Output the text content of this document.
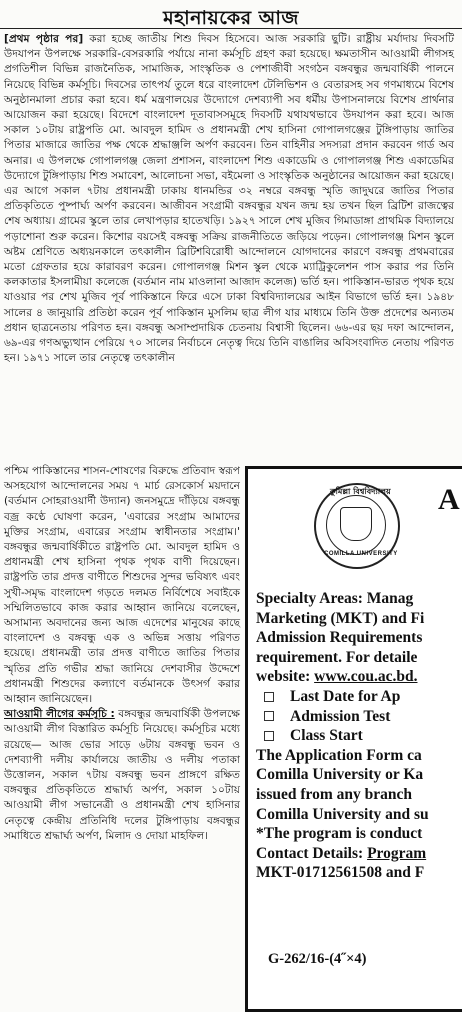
মহানায়কের আজ

[প্রথম পৃষ্ঠার পর] করা হচ্ছে জাতীয় শিশু দিবস হিসেবে। আজ সরকারি ছুটি। রাষ্ট্রীয় মর্যাদায় দিবসটি উদযাপন উপলক্ষে সরকারি-বেসরকারি পর্যায়ে নানা কর্মসূচি গ্রহণ করা হয়েছে। ক্ষমতাসীন আওয়ামী লীগসহ প্রগতিশীল বিভিন্ন রাজনৈতিক, সামাজিক, সাংস্কৃতিক ও পেশাজীবী সংগঠন বঙ্গবন্ধুর জন্মবার্ষিকী পালনে নিয়েছে বিভিন্ন কর্মসূচি। দিবসের তাৎপর্য তুলে ধরে বাংলাদেশ টেলিভিশন ও বেতারসহ সব গণমাধ্যমে বিশেষ অনুষ্ঠানমালা প্রচার করা হবে। ধর্ম মন্ত্রণালয়ের উদ্যোগে দেশব্যাপী সব ধর্মীয় উপাসনালয়ে বিশেষ প্রার্থনার আয়োজন করা হয়েছে। বিদেশে বাংলাদেশ দূতাবাসসমূহে দিবসটি যথাযথভাবে উদযাপন করা হবে। আজ সকাল ১০টায় রাষ্ট্রপতি মো. আবদুল হামিদ ও প্রধানমন্ত্রী শেখ হাসিনা গোপালগঞ্জের টুঙ্গিপাড়ায় জাতির পিতার মাজারে জাতির পক্ষ থেকে শ্রদ্ধাঞ্জলি অর্পণ করবেন। তিন বাহিনীর সদস্যরা প্রদান করবেন গার্ড অব অনার। এ উপলক্ষে গোপালগঞ্জ জেলা প্রশাসন, বাংলাদেশ শিশু একাডেমি ও গোপালগঞ্জ শিশু একাডেমির উদ্যোগে টুঙ্গিপাড়ায় শিশু সমাবেশ, আলোচনা সভা, বইমেলা ও সাংস্কৃতিক অনুষ্ঠানের আয়োজন করা হয়েছে। এর আগে সকাল ৭টায় প্রধানমন্ত্রী ঢাকায় ধানমন্ডির ৩২ নম্বরে বঙ্গবন্ধু স্মৃতি জাদুঘরে জাতির পিতার প্রতিকৃতিতে পুষ্পার্ঘ্য অর্পণ করবেন। আজীবন সংগ্রামী বঙ্গবন্ধুর যখন জন্ম হয় তখন ছিল ব্রিটিশ রাজত্বের শেষ অধ্যায়। গ্রামের স্কুলে তার লেখাপড়ার হাতেখড়ি। ১৯২৭ সালে শেখ মুজিব গিমাডাঙ্গা প্রাথমিক বিদ্যালয়ে পড়াশোনা শুরু করেন। কিশোর বয়সেই বঙ্গবন্ধু সক্রিয় রাজনীতিতে জড়িয়ে পড়েন। গোপালগঞ্জ মিশন স্কুলে অষ্টম শ্রেণিতে অধ্যয়নকালে তৎকালীন ব্রিটিশবিরোধী আন্দোলনে যোগদানের কারণে বঙ্গবন্ধু প্রথমবারের মতো গ্রেফতার হয়ে কারাবরণ করেন। গোপালগঞ্জ মিশন স্কুল থেকে ম্যাট্রিকুলেশন পাস করার পর তিনি কলকাতার ইসলামীয়া কলেজে (বর্তমান নাম মাওলানা আজাদ কলেজ) ভর্তি হন। পাকিস্তান-ভারত পৃথক হয়ে যাওয়ার পর শেখ মুজিব পূর্ব পাকিস্তানে ফিরে এসে ঢাকা বিশ্ববিদ্যালয়ের আইন বিভাগে ভর্তি হন। ১৯৪৮ সালের ৪ জানুয়ারি প্রতিষ্ঠা করেন পূর্ব পাকিস্তান মুসলিম ছাত্র লীগ যার মাধ্যমে তিনি উক্ত প্রদেশের অন্যতম প্রধান ছাত্রনেতায় পরিণত হন। বঙ্গবন্ধু অসাম্প্রদায়িক চেতনায় বিশ্বাসী ছিলেন। ৬৬-এর ছয় দফা আন্দোলন, ৬৯-এর গণঅভ্যুত্থান পেরিয়ে ৭০ সালের নির্বাচনে নেতৃত্ব দিয়ে তিনি বাঙালির অবিসংবাদিত নেতায় পরিণত হন। ১৯৭১ সালে তার নেতৃত্বে তৎকালীন

পশ্চিম পাকিস্তানের শাসন-শোষণের বিরুদ্ধে প্রতিবাদ স্বরূপ অসহযোগ আন্দোলনের সময় ৭ মার্চ রেসকোর্স ময়দানে (বর্তমান সোহরাওয়ার্দী উদ্যান) জনসমুদ্রে দাঁড়িয়ে বঙ্গবন্ধু বজ্র কণ্ঠে ঘোষণা করেন, 'এবারের সংগ্রাম আমাদের মুক্তির সংগ্রাম, এবারের সংগ্রাম স্বাধীনতার সংগ্রাম।' বঙ্গবন্ধুর জন্মবার্ষিকীতে রাষ্ট্রপতি মো. আবদুল হামিদ ও প্রধানমন্ত্রী শেখ হাসিনা পৃথক পৃথক বাণী দিয়েছেন। রাষ্ট্রপতি তার প্রদত্ত বাণীতে শিশুদের সুন্দর ভবিষ্যৎ এবং সুখী-সমৃদ্ধ বাংলাদেশ গড়তে দলমত নির্বিশেষে সবাইকে সম্মিলিতভাবে কাজ করার আহ্বান জানিয়ে বলেছেন, অসামান্য অবদানের জন্য আজ এদেশের মানুষের কাছে বাংলাদেশ ও বঙ্গবন্ধু এক ও অভিন্ন সত্তায় পরিণত হয়েছে। প্রধানমন্ত্রী তার প্রদত্ত বাণীতে জাতির পিতার স্মৃতির প্রতি গভীর শ্রদ্ধা জানিয়ে দেশবাসীর উদ্দেশে প্রধানমন্ত্রী শিশুদের কল্যাণে বর্তমানকে উৎসর্গ করার আহ্বান জানিয়েছেন।

আওয়ামী লীগের কর্মসূচি : বঙ্গবন্ধুর জন্মবার্ষিকী উপলক্ষে আওয়ামী লীগ বিস্তারিত কর্মসূচি নিয়েছে। কর্মসূচির মধ্যে রয়েছে— আজ ভোর সাড়ে ৬টায় বঙ্গবন্ধু ভবন ও দেশব্যাপী দলীয় কার্যালয়ে জাতীয় ও দলীয় পতাকা উত্তোলন, সকাল ৭টায় বঙ্গবন্ধু ভবন প্রাঙ্গণে রক্ষিত বঙ্গবন্ধুর প্রতিকৃতিতে শ্রদ্ধার্ঘ্য অর্পণ, সকাল ১০টায় আওয়ামী লীগ সভানেত্রী ও প্রধানমন্ত্রী শেখ হাসিনার নেতৃত্বে কেন্দ্রীয় প্রতিনিধি দলের টুঙ্গিপাড়ায় বঙ্গবন্ধুর সমাধিতে শ্রদ্ধার্ঘ্য অর্পণ, মিলাদ ও দোয়া মাহফিল।

কুমিল্লা বিশ্ববিদ্যালয়
COMILLA UNIVERSITY
A
Specialty Areas: Manag
Marketing (MKT) and Fi
Admission Requirements
requirement. For detaile
website: www.cou.ac.bd.
Last Date for Ap
Admission Test
Class Start
The Application Form ca
Comilla University or Ka
issued from any branch
Comilla University and su
*The program is conduct
Contact Details: Program
MKT-01712561508 and F
G-262/16-(4˝×4)
